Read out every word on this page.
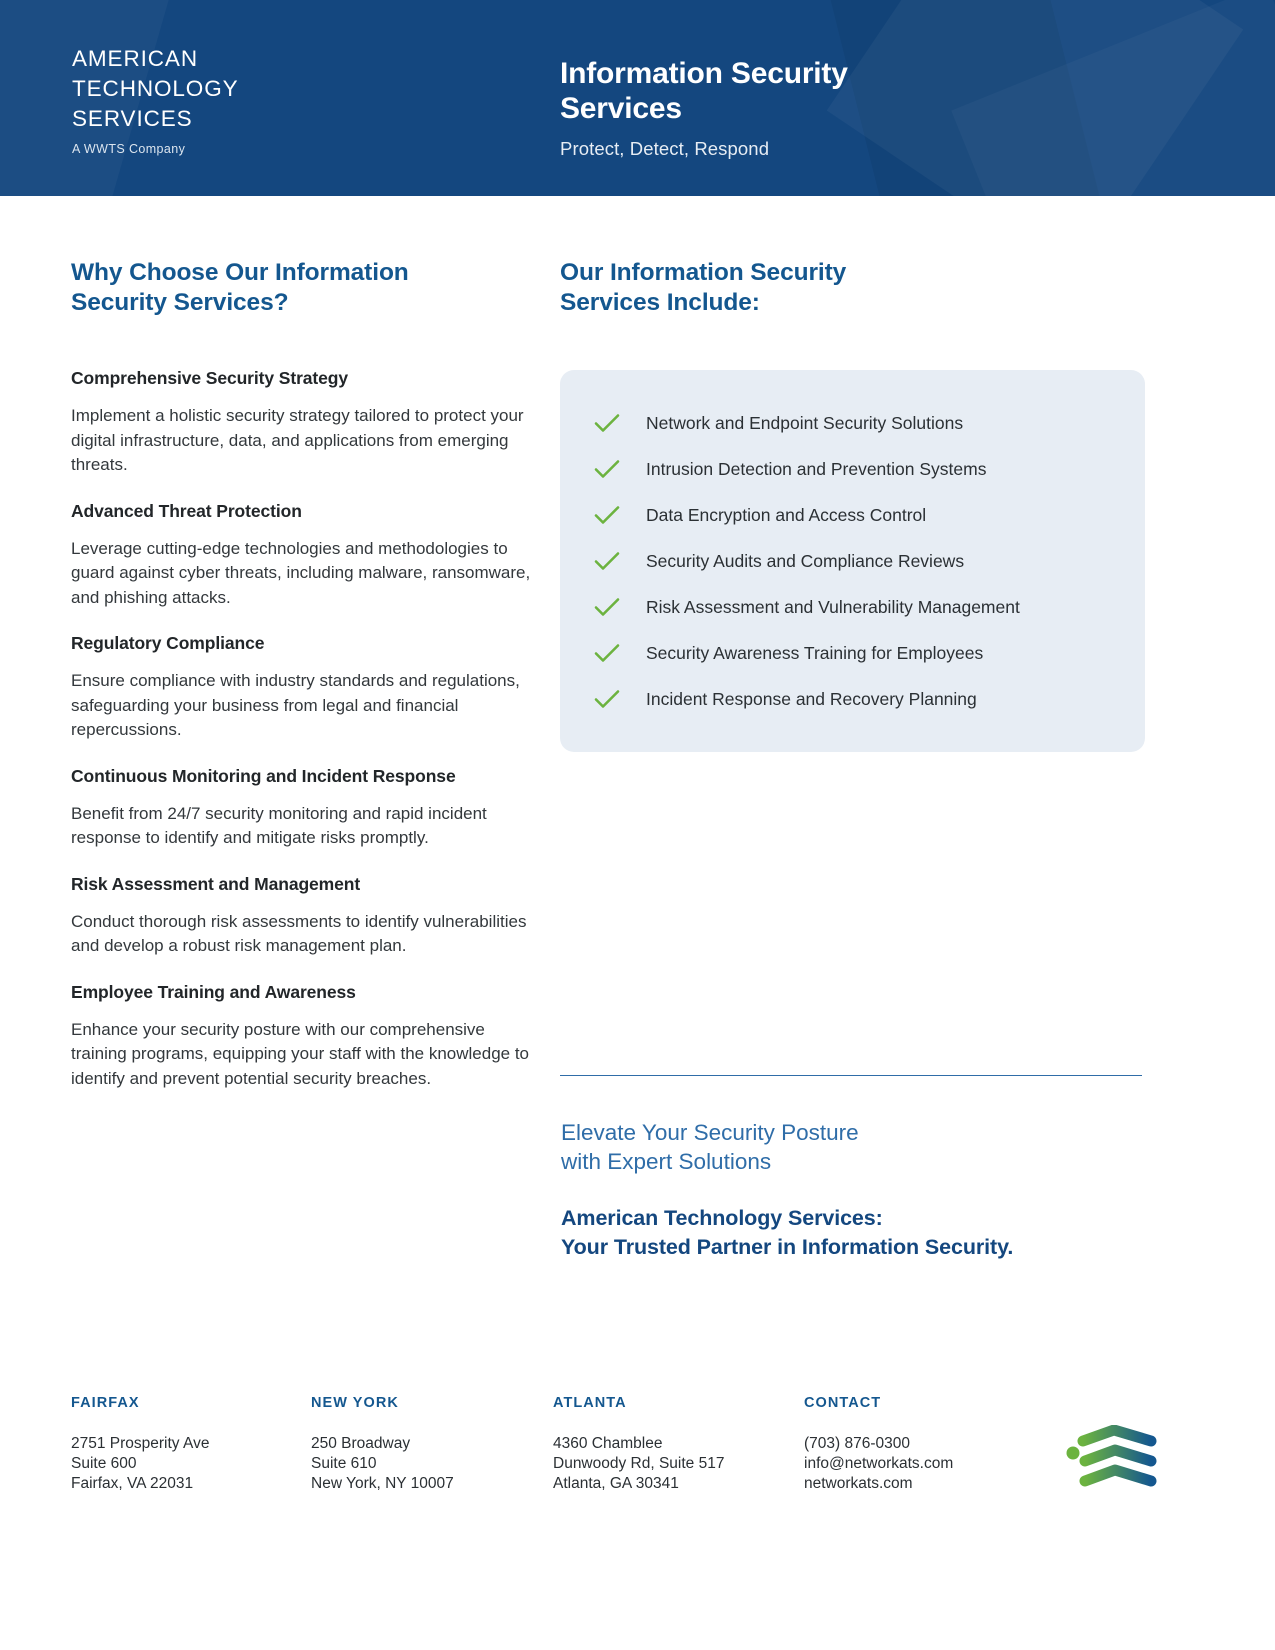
AMERICAN
TECHNOLOGY
SERVICES
A WWTS Company
Information Security
Services
Protect, Detect, Respond
Why Choose Our Information
Security Services?
Comprehensive Security Strategy
Implement a holistic security strategy tailored to protect your digital infrastructure, data, and applications from emerging threats.
Advanced Threat Protection
Leverage cutting-edge technologies and methodologies to guard against cyber threats, including malware, ransomware, and phishing attacks.
Regulatory Compliance
Ensure compliance with industry standards and regulations, safeguarding your business from legal and financial repercussions.
Continuous Monitoring and Incident Response
Benefit from 24/7 security monitoring and rapid incident response to identify and mitigate risks promptly.
Risk Assessment and Management
Conduct thorough risk assessments to identify vulnerabilities and develop a robust risk management plan.
Employee Training and Awareness
Enhance your security posture with our comprehensive training programs, equipping your staff with the knowledge to identify and prevent potential security breaches.
Our Information Security
Services Include:
Network and Endpoint Security Solutions
Intrusion Detection and Prevention Systems
Data Encryption and Access Control
Security Audits and Compliance Reviews
Risk Assessment and Vulnerability Management
Security Awareness Training for Employees
Incident Response and Recovery Planning
Elevate Your Security Posture
with Expert Solutions
American Technology Services:
Your Trusted Partner in Information Security.
FAIRFAX
2751 Prosperity Ave
Suite 600
Fairfax, VA 22031
NEW YORK
250 Broadway
Suite 610
New York, NY 10007
ATLANTA
4360 Chamblee
Dunwoody Rd, Suite 517
Atlanta, GA 30341
CONTACT
(703) 876-0300
info@networkats.com
networkats.com
